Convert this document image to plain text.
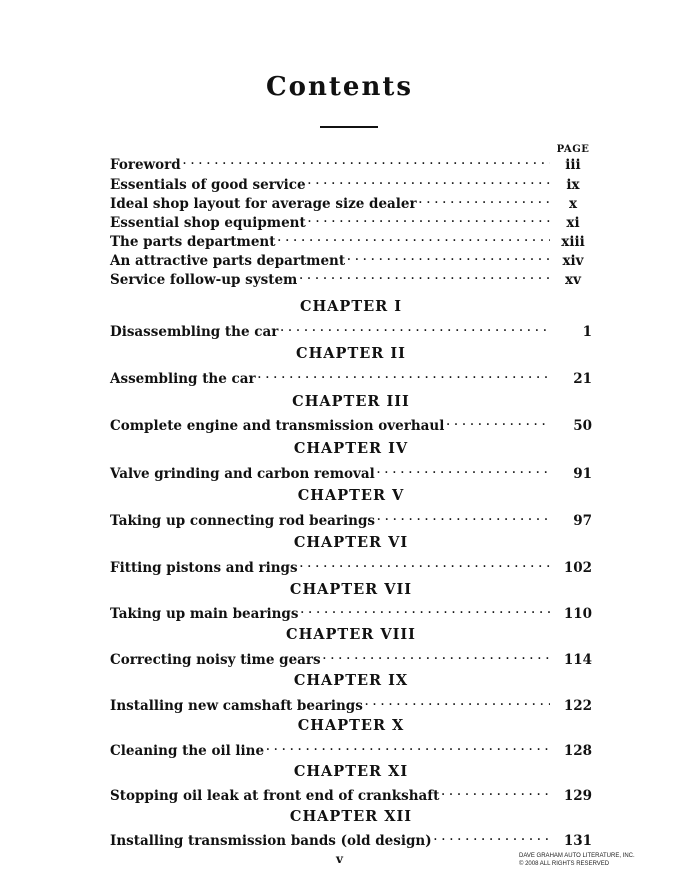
Contents
PAGE
Foreword . . .	iii
Essentials of good service . . .	ix
Ideal shop layout for average size dealer . . .	x
Essential shop equipment . . .	xi
The parts department . . .	xiii
An attractive parts department . . .	xiv
Service follow-up system . . .	xv
CHAPTER I
Disassembling the car . . .	1
CHAPTER II
Assembling the car . . .	21
CHAPTER III
Complete engine and transmission overhaul . . .	50
CHAPTER IV
Valve grinding and carbon removal . . .	91
CHAPTER V
Taking up connecting rod bearings . . .	97
CHAPTER VI
Fitting pistons and rings . . .	102
CHAPTER VII
Taking up main bearings . . .	110
CHAPTER VIII
Correcting noisy time gears . . .	114
CHAPTER IX
Installing new camshaft bearings . . .	122
CHAPTER X
Cleaning the oil line . . .	128
CHAPTER XI
Stopping oil leak at front end of crankshaft . . .	129
CHAPTER XII
Installing transmission bands (old design) . . .	131
v	DAVE GRAHAM AUTO LITERATURE, INC.
© 2008 ALL RIGHTS RESERVED
